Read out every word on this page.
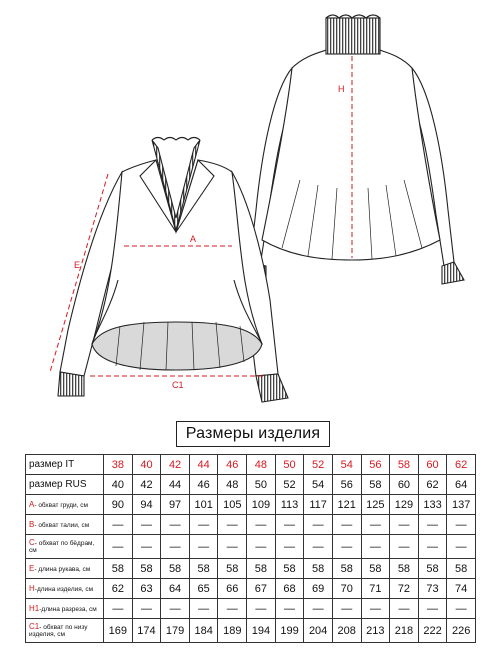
H
A
E
C1
Размеры изделия
размер IT	38	40	42	44	46	48	50	52	54	56	58	60	62
размер RUS	40	42	44	46	48	50	52	54	56	58	60	62	64
A- обхват груди, см	90	94	97	101	105	109	113	117	121	125	129	133	137
B- обхват талии, см	—	—	—	—	—	—	—	—	—	—	—	—	—
C- обхват по бёдрам, см	—	—	—	—	—	—	—	—	—	—	—	—	—
E- длина рукава, см	58	58	58	58	58	58	58	58	58	58	58	58	58
H-длина изделия, см	62	63	64	65	66	67	68	69	70	71	72	73	74
H1-длина разреза, см	—	—	—	—	—	—	—	—	—	—	—	—	—
C1- обхват по низу изделия, см	169	174	179	184	189	194	199	204	208	213	218	222	226
